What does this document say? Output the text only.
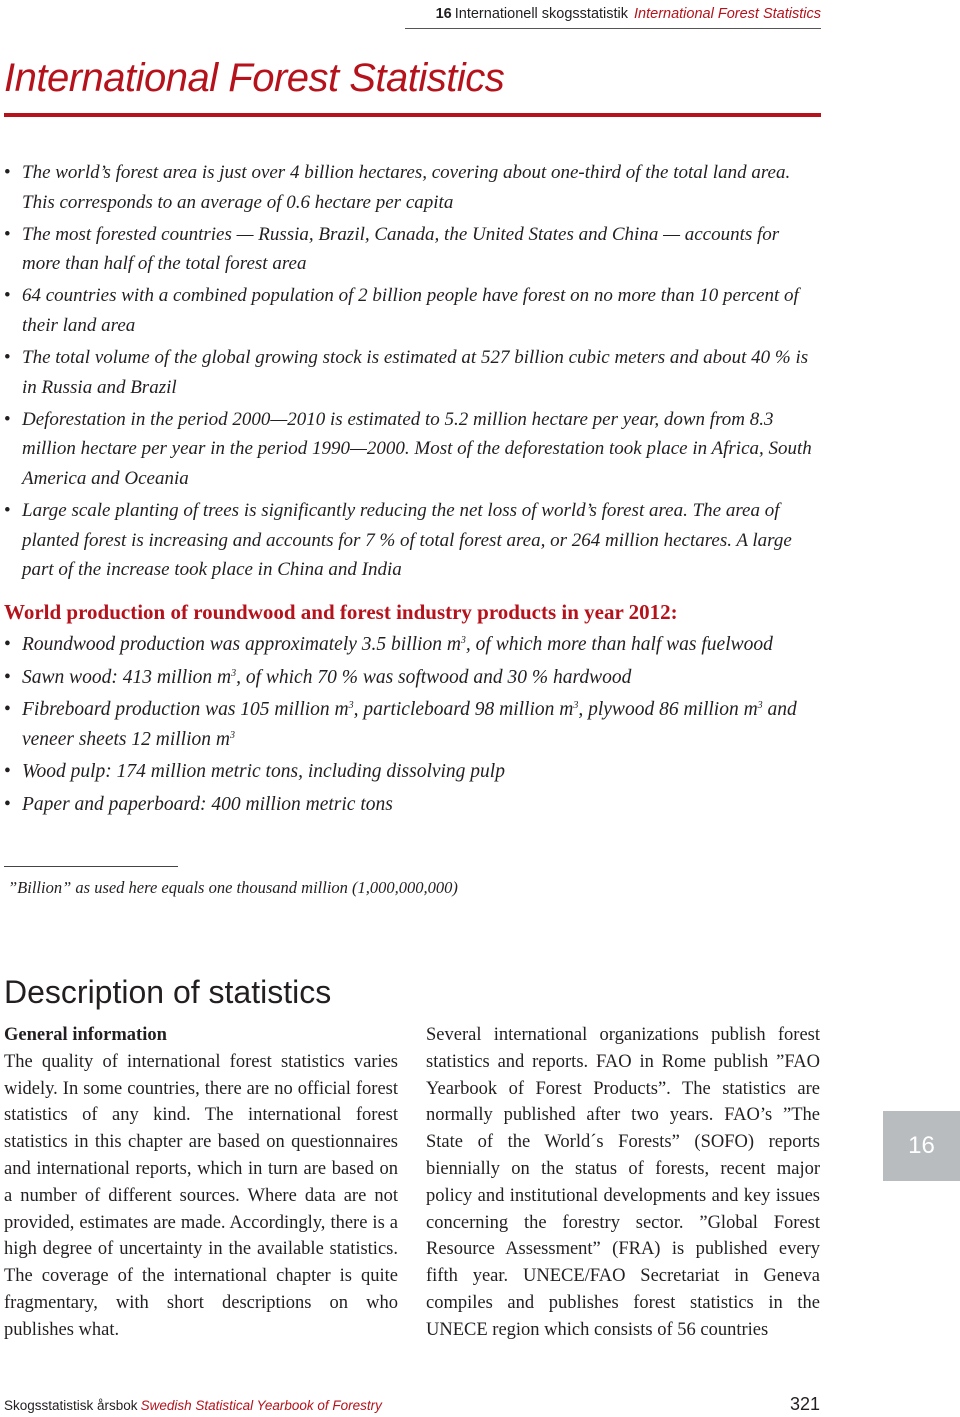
16 Internationell skogsstatistik International Forest Statistics
International Forest Statistics
• The world’s forest area is just over 4 billion hectares, covering about one-third of the total land area. This corresponds to an average of 0.6 hectare per capita
• The most forested countries — Russia, Brazil, Canada, the United States and China — accounts for more than half of the total forest area
• 64 countries with a combined population of 2 billion people have forest on no more than 10 percent of their land area
• The total volume of the global growing stock is estimated at 527 billion cubic meters and about 40 % is in Russia and Brazil
• Deforestation in the period 2000—2010 is estimated to 5.2 million hectare per year, down from 8.3 million hectare per year in the period 1990—2000. Most of the deforestation took place in Africa, South America and Oceania
• Large scale planting of trees is significantly reducing the net loss of world’s forest area. The area of planted forest is increasing and accounts for 7 % of total forest area, or 264 million hectares. A large part of the increase took place in China and India
World production of roundwood and forest industry products in year 2012:
• Roundwood production was approximately 3.5 billion $m^3$, of which more than half was fuelwood
• Sawn wood: 413 million $m^3$, of which 70 % was softwood and 30 % hardwood
• Fibreboard production was 105 million $m^3$, particleboard 98 million $m^3$, plywood 86 million $m^3$ and veneer sheets 12 million $m^3$
• Wood pulp: 174 million metric tons, including dissolving pulp
• Paper and paperboard: 400 million metric tons
”Billion” as used here equals one thousand million (1,000,000,000)
Description of statistics
General information
The quality of international forest statistics varies widely. In some countries, there are no official forest statistics of any kind. The international forest statistics in this chapter are based on questionnaires and international reports, which in turn are based on a number of different sources. Where data are not provided, estimates are made. Accordingly, there is a high degree of uncertainty in the available statistics. The coverage of the international chapter is quite fragmentary, with short descriptions on who publishes what.
Several international organizations publish forest statistics and reports. FAO in Rome publish ”FAO Yearbook of Forest Products”. The statistics are normally published after two years. FAO’s ”The State of the World´s Forests” (SOFO) reports biennially on the status of forests, recent major policy and institutional developments and key issues concerning the forestry sector. ”Global Forest Resource Assessment” (FRA) is published every fifth year. UNECE/FAO Secretariat in Geneva compiles and publishes forest statistics in the UNECE region which consists of 56 countries
16
Skogsstatistisk årsbok Swedish Statistical Yearbook of Forestry	321
